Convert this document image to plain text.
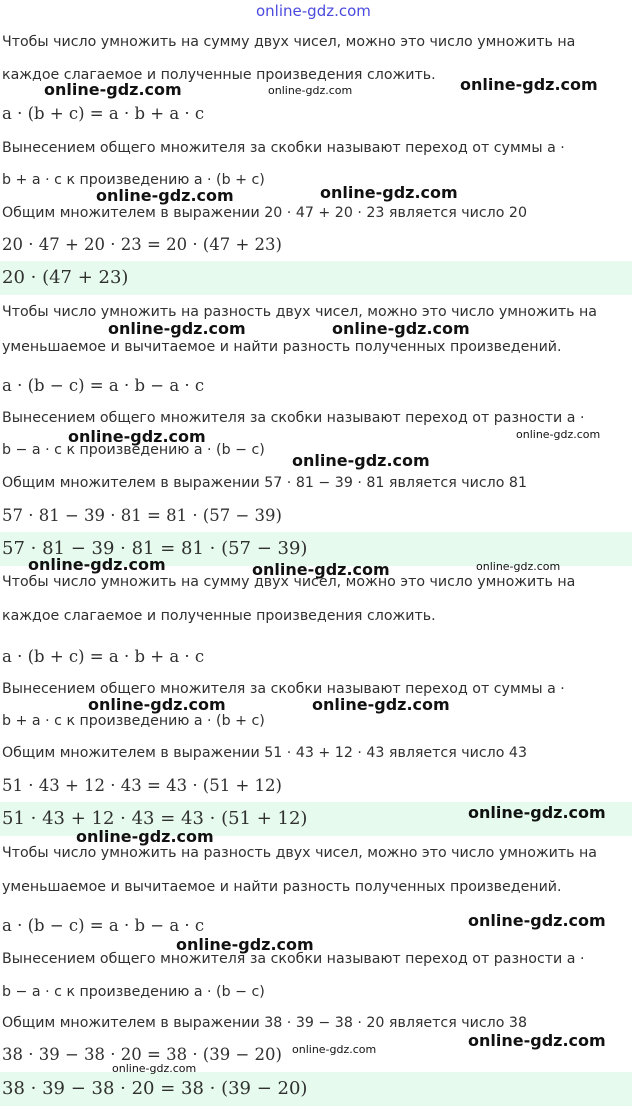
online-gdz.com
Чтобы число умножить на сумму двух чисел, можно это число умножить на
каждое слагаемое и полученные произведения сложить.
a · (b + c) = a · b + a · c
Вынесением общего множителя за скобки называют переход от суммы a ·
b + a · c к произведению a · (b + c)
Общим множителем в выражении 20 · 47 + 20 · 23 является число 20
20 · 47 + 20 · 23 = 20 · (47 + 23)
20 · (47 + 23)
Чтобы число умножить на разность двух чисел, можно это число умножить на
уменьшаемое и вычитаемое и найти разность полученных произведений.
a · (b − c) = a · b − a · c
Вынесением общего множителя за скобки называют переход от разности a ·
b − a · c к произведению a · (b − c)
Общим множителем в выражении 57 · 81 − 39 · 81 является число 81
57 · 81 − 39 · 81 = 81 · (57 − 39)
57 · 81 − 39 · 81 = 81 · (57 − 39)
Чтобы число умножить на сумму двух чисел, можно это число умножить на
каждое слагаемое и полученные произведения сложить.
a · (b + c) = a · b + a · c
Вынесением общего множителя за скобки называют переход от суммы a ·
b + a · c к произведению a · (b + c)
Общим множителем в выражении 51 · 43 + 12 · 43 является число 43
51 · 43 + 12 · 43 = 43 · (51 + 12)
51 · 43 + 12 · 43 = 43 · (51 + 12)
Чтобы число умножить на разность двух чисел, можно это число умножить на
уменьшаемое и вычитаемое и найти разность полученных произведений.
a · (b − c) = a · b − a · c
Вынесением общего множителя за скобки называют переход от разности a ·
b − a · c к произведению a · (b − c)
Общим множителем в выражении 38 · 39 − 38 · 20 является число 38
38 · 39 − 38 · 20 = 38 · (39 − 20)
38 · 39 − 38 · 20 = 38 · (39 − 20)
online-gdz.com	online-gdz.com	online-gdz.com
online-gdz.com	online-gdz.com
online-gdz.com	online-gdz.com
online-gdz.com	online-gdz.com
online-gdz.com
online-gdz.com	online-gdz.com	online-gdz.com
online-gdz.com	online-gdz.com
online-gdz.com
online-gdz.com
online-gdz.com
online-gdz.com
online-gdz.com	online-gdz.com
online-gdz.com
